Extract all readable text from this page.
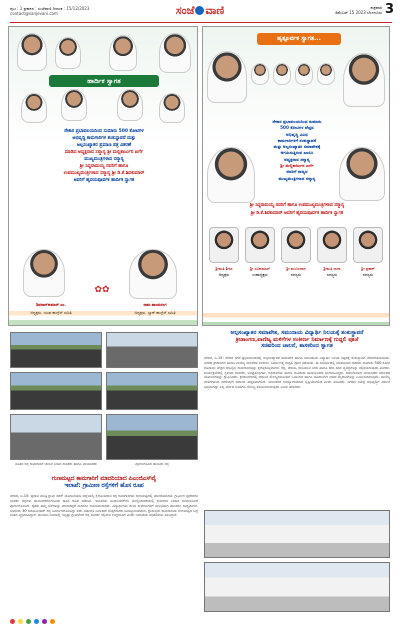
ಪುಟ : 1 ಪ್ರಕಾಶನ : ಸಂಜೆವಾಣಿ ದಿನಾಂಕ : 15/12/2023
contact@sanjevani.com	ಸಂಜೆ ವಾಣಿ	ಶುಕ್ರವಾರ
ಡಿಸೆಂಬರ್ 15 2023 ಬೆಂಗಳೂರು 3
ಹಾರ್ದಿಕ ಸ್ವಾಗತ
ನೇಕಾರ ಪ್ರಭಾವಲಯದಿಂದ ಸುಮಾರು 500 ಕೋಟಿಗಳ
ಅಭಿವೃದ್ಧಿ ಕಾಮಗಾರಿಗಳ ಶಂಕುಸ್ಥಾಪನೆ ಮತ್ತು
ಅಲ್ಪಸಂಖ್ಯಾತರ ಪ್ರಮಾಣ ಪತ್ರ ವಿತರಣೆ
ಮಾಡಿದ ಅಧ್ಯಕ್ಷರಾದ ಸನ್ಮಾನ್ಯ ಶ್ರೀ ಮಲ್ಲಿಕಾರ್ಜುನ ಖರ್ಗೆ
ಮುಖ್ಯಮಂತ್ರಿಗಳಾದ ಸನ್ಮಾನ್ಯ
ಶ್ರೀ ಸಿದ್ದರಾಮಯ್ಯ ನವರಿಗೆ ಹಾಗೂ
ಉಪಮುಖ್ಯಮಂತ್ರಿಗಳಾದ ಸನ್ಮಾನ್ಯ ಶ್ರೀ ಡಿ.ಕೆ.ಶಿವಕುಮಾರ್
ಅವರಿಗೆ ಹೃದಯಪೂರ್ವಕ ಹಾರ್ದಿಕ ಸ್ವಾಗತ
✿✿
ಶಿವರಾಜ್‌ಕುಮಾರ್ ಎಂ.
ಅಧ್ಯಕ್ಷರು, ಯುವ ಕಾಂಗ್ರೆಸ್ ಸಮಿತಿ
ರಾಮ ಪಾಂಡುರಂಗ
ಅಧ್ಯಕ್ಷರು, ಬ್ಲಾಕ್ ಕಾಂಗ್ರೆಸ್ ಸಮಿತಿ
ಹೃತ್ಪೂರ್ವಕ ಸ್ವಾಗತ...
ನೇಕಾರ ಪ್ರಭಾವಲಯದಿಂದ ಸುಮಾರು
500 ಕೋಟಿಗಳ ವೆಚ್ಚದ
ಅಭಿವೃದ್ಧಿ ವಿವಿಧ
ಕಾಮಗಾರಿಗಳಿಗೆ ಶಂಕುಸ್ಥಾಪನೆ
ಮತ್ತು ಅಲ್ಪಸಂಖ್ಯಾತರ ಸಮಾವೇಶಕ್ಕೆ
ಆಗಮಿಸುತ್ತಿರುವ ಎಐಸಿಸಿ
ಅಧ್ಯಕ್ಷರಾದ ಸನ್ಮಾನ್ಯ
ಶ್ರೀ ಮಲ್ಲಿಕಾರ್ಜುನ ಖರ್ಗೆ
ಅವರಿಗೆ ರಾಜ್ಯದ
ಮುಖ್ಯಮಂತ್ರಿಗಳಾದ ಸನ್ಮಾನ್ಯ
ಶ್ರೀ ಸಿದ್ದರಾಮಯ್ಯ ನವರಿಗೆ ಹಾಗೂ ಉಪಮುಖ್ಯಮಂತ್ರಿಗಳಾದ ಸನ್ಮಾನ್ಯ
ಶ್ರೀ ಡಿ.ಕೆ.ಶಿವಕುಮಾರ್ ಅವರಿಗೆ ಹೃದಯಪೂರ್ವಕ ಹಾರ್ದಿಕ ಸ್ವಾಗತ
ಶ್ರೀಮತಿ ಶೀಲಾ
ಅಧ್ಯಕ್ಷರು
ಶ್ರೀ ರವಿಕುಮಾರ್
ಉಪಾಧ್ಯಕ್ಷರು
ಶ್ರೀ ಮಂಜುನಾಥ
ಸದಸ್ಯರು
ಶ್ರೀಮತಿ ರಾಧಾ
ಸದಸ್ಯರು
ಶ್ರೀ ಪ್ರಕಾಶ್
ಸದಸ್ಯರು
ಅಲ್ಪಸಂಖ್ಯಾತರ ಸಮಾವೇಶ, ಸಮುದಾಯ ವಿದ್ಯಾರ್ಥಿ ನಿಲಯಕ್ಕೆ ಶಂಕುಸ್ಥಾಪನೆ
ಕ್ರೀಡಾಂಗಣ,ವಾಣಿಜ್ಯ ಮಳಿಗೆಗಳ ಸಂಕೀರ್ಣ ನಿರ್ಮಾಣಕ್ಕೆ ಗುದ್ದಲಿ ಪೂಜೆ
ಸಚಿವರಿಂದ ಚಾಲನೆ, ಶಾಸಕರಿಂದ ಸ್ವಾಗತ
ನೇಕಾರ, ಡಿ.15: ನೇಕಾರ ನಗರ ಪ್ರಭಾವಲಯದಲ್ಲಿ ಅಲ್ಪಸಂಖ್ಯಾತರ ಸಮಾವೇಶ ಹಾಗೂ ಸಮುದಾಯ ವಿದ್ಯಾರ್ಥಿ ನಿಲಯ ಕಟ್ಟಡಕ್ಕೆ ಶಂಕುಸ್ಥಾಪನೆ ನೆರವೇರಿಸಲಾಯಿತು. ನಗರದ ಕ್ರೀಡಾಂಗಣ ಹಾಗೂ ವಾಣಿಜ್ಯ ಮಳಿಗೆಗಳ ಸಂಕೀರ್ಣ ನಿರ್ಮಾಣಕ್ಕೆ ಗುದ್ದಲಿ ಪೂಜೆ ನಡೆಯಿತು. ಈ ಸಂದರ್ಭದಲ್ಲಿ ಮಾತನಾಡಿದ ಸಚಿವರು ಸುಮಾರು 500 ಕೋಟಿ ರೂಪಾಯಿ ವೆಚ್ಚದ ಅಭಿವೃದ್ಧಿ ಕಾಮಗಾರಿಗಳನ್ನು ಕೈಗೆತ್ತಿಕೊಳ್ಳಲಾಗಿದೆ. ರಸ್ತೆ, ಚರಂಡಿ, ಕುಡಿಯುವ ನೀರು ಹಾಗೂ ಬೀದಿ ದೀಪ ವ್ಯವಸ್ಥೆಗಳನ್ನು ಕಲ್ಪಿಸಲಾಗುವುದು ಎಂದರು. ಕಾರ್ಯಕ್ರಮದಲ್ಲಿ ಸ್ಥಳೀಯ ಶಾಸಕರು, ಜನಪ್ರತಿನಿಧಿಗಳು, ಅಧಿಕಾರಿಗಳು ಹಾಗೂ ಸಾವಿರಾರು ಸಾರ್ವಜನಿಕರು ಭಾಗವಹಿಸಿದ್ದರು. ಸಮುದಾಯದ ಮುಖಂಡರು ಸರ್ಕಾರದ ಯೋಜನೆಗಳನ್ನು ಶ್ಲಾಘಿಸಿದರು. ಕ್ರೀಡಾಂಗಣದಲ್ಲಿ ಆಧುನಿಕ ಸೌಲಭ್ಯಗಳೊಂದಿಗೆ ಒಳಾಂಗಣ ಹಾಗೂ ಹೊರಾಂಗಣ ಆಟದ ಮೈದಾನಗಳನ್ನು ನಿರ್ಮಿಸಲಾಗುವುದು. ವಾಣಿಜ್ಯ ಮಳಿಗೆಗಳಿಂದ ನಗರಸಭೆಗೆ ಆದಾಯ ಹೆಚ್ಚಳವಾಗಲಿದೆ. ಯುವಕರಿಗೆ ಉದ್ಯೋಗಾವಕಾಶ ಸೃಷ್ಟಿಯಾಗಲಿದೆ ಎಂದು ತಿಳಿಸಿದರು. ನಗರದ ಸಮಗ್ರ ಅಭಿವೃದ್ಧಿಗೆ ಸರ್ಕಾರ ಬದ್ಧವಾಗಿದ್ದು ಎಲ್ಲ ವರ್ಗದ ಜನರಿಗೂ ಸೌಲಭ್ಯ ತಲುಪಿಸಲಾಗುವುದು ಎಂದು ಹೇಳಿದರು.
ನೂತನ ರಸ್ತೆ ಕಾಮಗಾರಿಗೆ ಚಾಲನೆ ನೀಡಿದ ಶಾಸಕರು ಹಾಗೂ ಮುಖಂಡರು	ಪೂರ್ಣಗೊಂಡ ಡಾಂಬರು ರಸ್ತೆ
ಗುಣಮಟ್ಟದ ಕಾಮಗಾರಿಗೆ ಮಾದರಿಯಾದ ಪಿಎಂಜಿಎಸ್‌ವೈ
ಇಲಾಖೆ: ಗ್ರಾಮೀಣ ರಸ್ತೆಗಳಿಗೆ ಹೊಸ ರೂಪ
ನೇಕಾರ, ಡಿ.15: ಪ್ರಧಾನ ಮಂತ್ರಿ ಗ್ರಾಮ ಸಡಕ್ ಯೋಜನೆಯಡಿ ಜಿಲ್ಲೆಯಲ್ಲಿ ಕೈಗೊಂಡಿರುವ ರಸ್ತೆ ಕಾಮಗಾರಿಗಳು ಗುಣಮಟ್ಟದಲ್ಲಿ ಮಾದರಿಯಾಗಿವೆ. ಗ್ರಾಮೀಣ ಪ್ರದೇಶಗಳ ಸಂಪರ್ಕ ರಸ್ತೆಗಳು ಡಾಂಬರೀಕರಣಗೊಂಡು ಹೊಸ ರೂಪ ಪಡೆದಿವೆ. ಇಲಾಖೆಯ ಎಂಜಿನಿಯರ್‌ಗಳ ಮೇಲ್ವಿಚಾರಣೆಯಲ್ಲಿ ಕಾಮಗಾರಿ ನಿಗದಿತ ಅವಧಿಯೊಳಗೆ ಪೂರ್ಣಗೊಂಡಿದೆ. ರೈತರು ತಮ್ಮ ಬೆಳೆಗಳನ್ನು ಮಾರುಕಟ್ಟೆಗೆ ಸಾಗಿಸಲು ಅನುಕೂಲವಾಗಿದೆ. ವಿದ್ಯಾರ್ಥಿಗಳು ಶಾಲಾ ಕಾಲೇಜುಗಳಿಗೆ ಸುಲಭವಾಗಿ ತಲುಪಲು ಸಾಧ್ಯವಾಗಿದೆ. ಸುಮಾರು 30 ಕಿಲೋಮೀಟರ್ ರಸ್ತೆ ನಿರ್ಮಾಣಗೊಂಡಿದ್ದು ಐದು ವರ್ಷಗಳ ನಿರ್ವಹಣೆ ಗುತ್ತಿಗೆದಾರರ ಜವಾಬ್ದಾರಿಯಾಗಿದೆ. ಗ್ರಾಮಸ್ಥರು ಕಾಮಗಾರಿಯ ಗುಣಮಟ್ಟದ ಬಗ್ಗೆ ಸಂತಸ ವ್ಯಕ್ತಪಡಿಸಿದ್ದಾರೆ. ಮುಂದಿನ ದಿನಗಳಲ್ಲಿ ಇನ್ನಷ್ಟು ಗ್ರಾಮಗಳಿಗೆ ರಸ್ತೆ ಸಂಪರ್ಕ ಕಲ್ಪಿಸುವ ಉದ್ದೇಶವಿದೆ ಎಂದು ಇಲಾಖೆಯ ಅಧಿಕಾರಿಗಳು ತಿಳಿಸಿದ್ದಾರೆ.
